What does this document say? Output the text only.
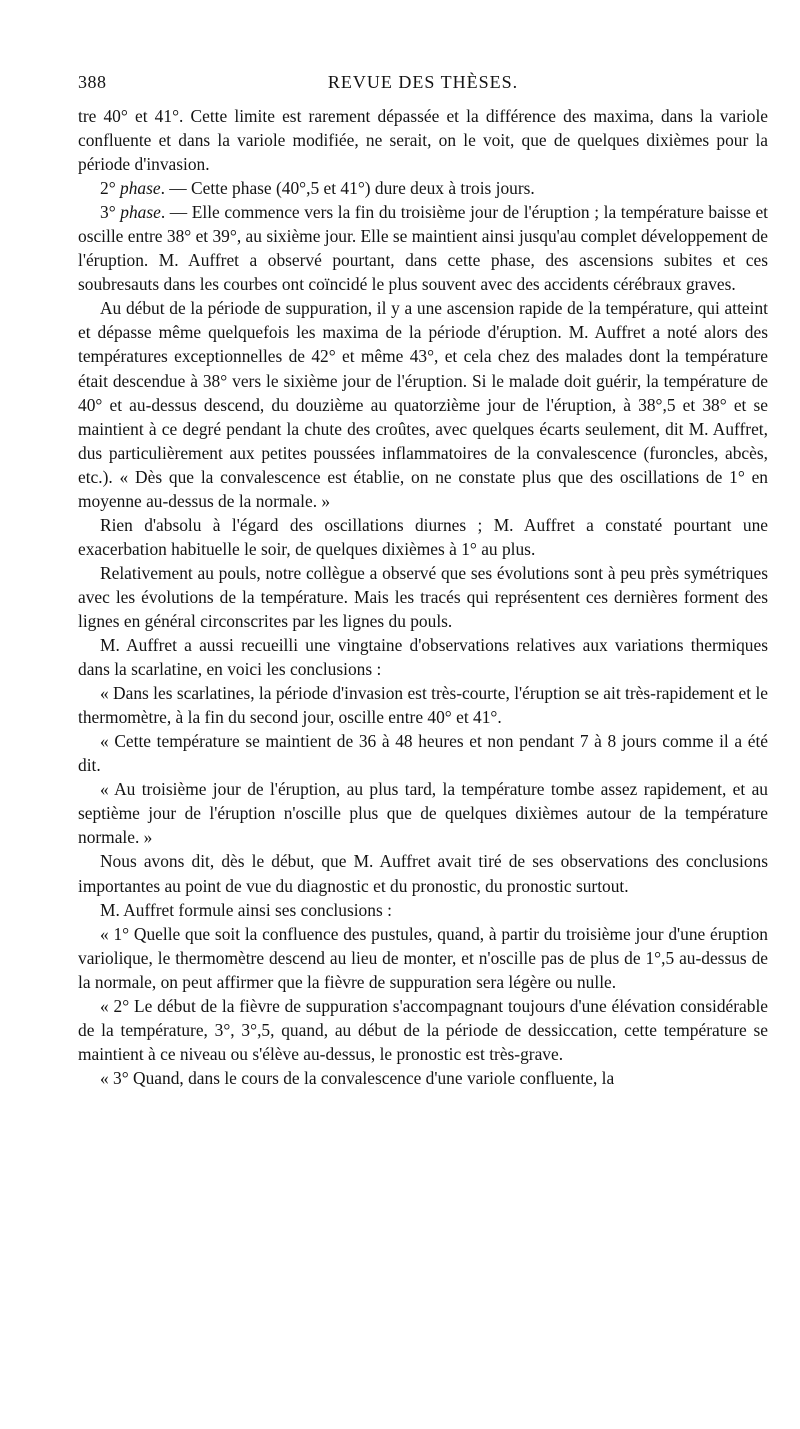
388	REVUE DES THÈSES.

tre 40° et 41°. Cette limite est rarement dépassée et la différence des maxima, dans la variole confluente et dans la variole modifiée, ne serait, on le voit, que de quelques dixièmes pour la période d'invasion.

2° phase. — Cette phase (40°,5 et 41°) dure deux à trois jours.

3° phase. — Elle commence vers la fin du troisième jour de l'éruption ; la température baisse et oscille entre 38° et 39°, au sixième jour. Elle se maintient ainsi jusqu'au complet développement de l'éruption. M. Auffret a observé pourtant, dans cette phase, des ascensions subites et ces soubresauts dans les courbes ont coïncidé le plus souvent avec des accidents cérébraux graves.

Au début de la période de suppuration, il y a une ascension rapide de la température, qui atteint et dépasse même quelquefois les maxima de la période d'éruption. M. Auffret a noté alors des températures exceptionnelles de 42° et même 43°, et cela chez des malades dont la température était descendue à 38° vers le sixième jour de l'éruption. Si le malade doit guérir, la température de 40° et au-dessus descend, du douzième au quatorzième jour de l'éruption, à 38°,5 et 38° et se maintient à ce degré pendant la chute des croûtes, avec quelques écarts seulement, dit M. Auffret, dus particulièrement aux petites poussées inflammatoires de la convalescence (furoncles, abcès, etc.). « Dès que la convalescence est établie, on ne constate plus que des oscillations de 1° en moyenne au-dessus de la normale. »

Rien d'absolu à l'égard des oscillations diurnes ; M. Auffret a constaté pourtant une exacerbation habituelle le soir, de quelques dixièmes à 1° au plus.

Relativement au pouls, notre collègue a observé que ses évolutions sont à peu près symétriques avec les évolutions de la température. Mais les tracés qui représentent ces dernières forment des lignes en général circonscrites par les lignes du pouls.

M. Auffret a aussi recueilli une vingtaine d'observations relatives aux variations thermiques dans la scarlatine, en voici les conclusions :

« Dans les scarlatines, la période d'invasion est très-courte, l'éruption se ait très-rapidement et le thermomètre, à la fin du second jour, oscille entre 40° et 41°.

« Cette température se maintient de 36 à 48 heures et non pendant 7 à 8 jours comme il a été dit.

« Au troisième jour de l'éruption, au plus tard, la température tombe assez rapidement, et au septième jour de l'éruption n'oscille plus que de quelques dixièmes autour de la température normale. »

Nous avons dit, dès le début, que M. Auffret avait tiré de ses observations des conclusions importantes au point de vue du diagnostic et du pronostic, du pronostic surtout.

M. Auffret formule ainsi ses conclusions :

« 1° Quelle que soit la confluence des pustules, quand, à partir du troisième jour d'une éruption variolique, le thermomètre descend au lieu de monter, et n'oscille pas de plus de 1°,5 au-dessus de la normale, on peut affirmer que la fièvre de suppuration sera légère ou nulle.

« 2° Le début de la fièvre de suppuration s'accompagnant toujours d'une élévation considérable de la température, 3°, 3°,5, quand, au début de la période de dessiccation, cette température se maintient à ce niveau ou s'élève au-dessus, le pronostic est très-grave.

« 3° Quand, dans le cours de la convalescence d'une variole confluente, la
